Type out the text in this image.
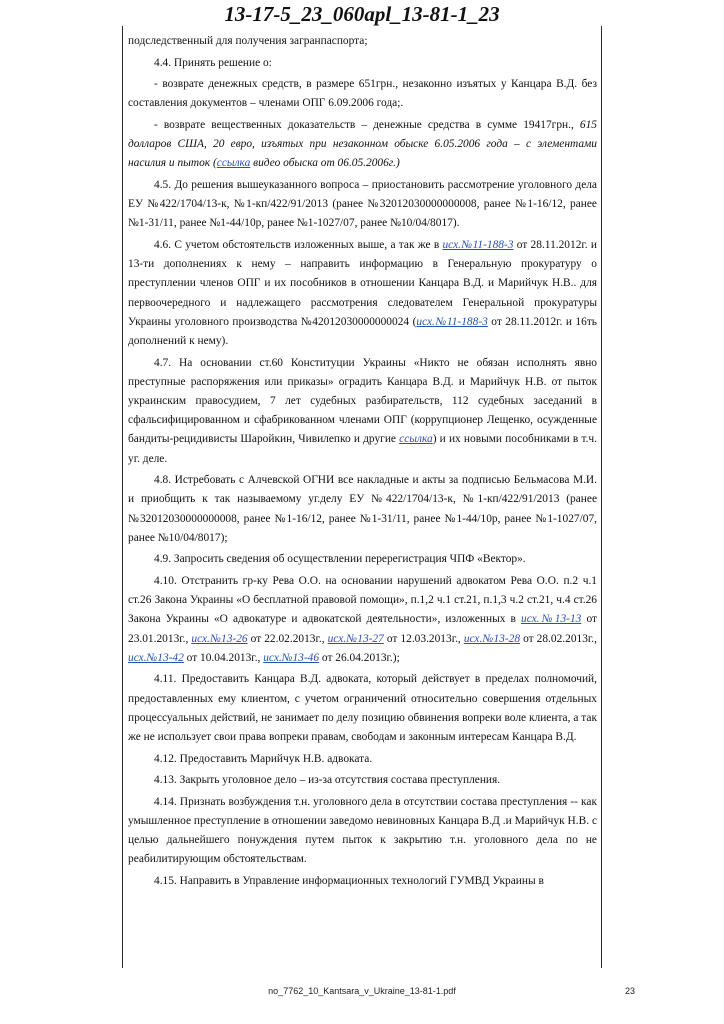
13-17-5_23_060apl_13-81-1_23

подследственный для получения загранпаспорта;

4.4. Принять решение о:

- возврате денежных средств, в размере 651грн., незаконно изъятых у Канцара В.Д. без составления документов – членами ОПГ 6.09.2006 года;.

- возврате вещественных доказательств – денежные средства в сумме 19417грн., 615 долларов США, 20 евро, изъятых при незаконном обыске 6.05.2006 года – с элементами насилия и пыток (ссылка видео обыска от 06.05.2006г.)

4.5. До решения вышеуказанного вопроса – приостановить рассмотрение уголовного дела ЕУ №422/1704/13-к, №1-кп/422/91/2013 (ранее №32012030000000008, ранее №1-16/12, ранее №1-31/11, ранее №1-44/10р, ранее №1-1027/07, ранее №10/04/8017).

4.6. С учетом обстоятельств изложенных выше, а так же в исх.№11-188-3 от 28.11.2012г. и 13-ти дополнениях к нему – направить информацию в Генеральную прокуратуру о преступлении членов ОПГ и их пособников в отношении Канцара В.Д. и Марийчук Н.В.. для первоочередного и надлежащего рассмотрения следователем Генеральной прокуратуры Украины уголовного производства №42012030000000024 (исх.№11-188-3 от 28.11.2012г. и 16ть дополнений к нему).

4.7. На основании ст.60 Конституции Украины «Никто не обязан исполнять явно преступные распоряжения или приказы» оградить Канцара В.Д. и Марийчук Н.В. от пыток украинским правосудием, 7 лет судебных разбирательств, 112 судебных заседаний в сфальсифицированном и сфабрикованном членами ОПГ (коррупционер Лещенко, осужденные бандиты-рецидивисты Шаройкин, Чивилепко и другие ссылка) и их новыми пособниками в т.ч. уг. деле.

4.8. Истребовать с Алчевской ОГНИ все накладные и акты за подписью Бельмасова М.И. и приобщить к так называемому уг.делу ЕУ №422/1704/13-к, №1-кп/422/91/2013 (ранее №32012030000000008, ранее №1-16/12, ранее №1-31/11, ранее №1-44/10р, ранее №1-1027/07, ранее №10/04/8017);

4.9. Запросить сведения об осуществлении перерегистрация ЧПФ «Вектор».

4.10. Отстранить гр-ку Рева О.О. на основании нарушений адвокатом Рева О.О. п.2 ч.1 ст.26 Закона Украины «О бесплатной правовой помощи», п.1,2 ч.1 ст.21, п.1,3 ч.2 ст.21, ч.4 ст.26 Закона Украины «О адвокатуре и адвокатской деятельности», изложенных в исх.№13-13 от 23.01.2013г., исх.№13-26 от 22.02.2013г., исх.№13-27 от 12.03.2013г., исх.№13-28 от 28.02.2013г., исх.№13-42 от 10.04.2013г., исх.№13-46 от 26.04.2013г.);

4.11. Предоставить Канцара В.Д. адвоката, который действует в пределах полномочий, предоставленных ему клиентом, с учетом ограничений относительно совершения отдельных процессуальных действий, не занимает по делу позицию обвинения вопреки воле клиента, а так же не использует свои права вопреки правам, свободам и законным интересам Канцара В.Д.

4.12. Предоставить Марийчук Н.В. адвоката.

4.13. Закрыть уголовное дело – из-за отсутствия состава преступления.

4.14. Признать возбуждения т.н. уголовного дела в отсутствии состава преступления -- как умышленное преступление в отношении заведомо невиновных Канцара В.Д .и Марийчук Н.В. с целью дальнейшего понуждения путем пыток к закрытию т.н. уголовного дела по не реабилитирующим обстоятельствам.

4.15. Направить в Управление информационных технологий ГУМВД Украины в

no_7762_10_Kantsara_v_Ukraine_13-81-1.pdf	23
